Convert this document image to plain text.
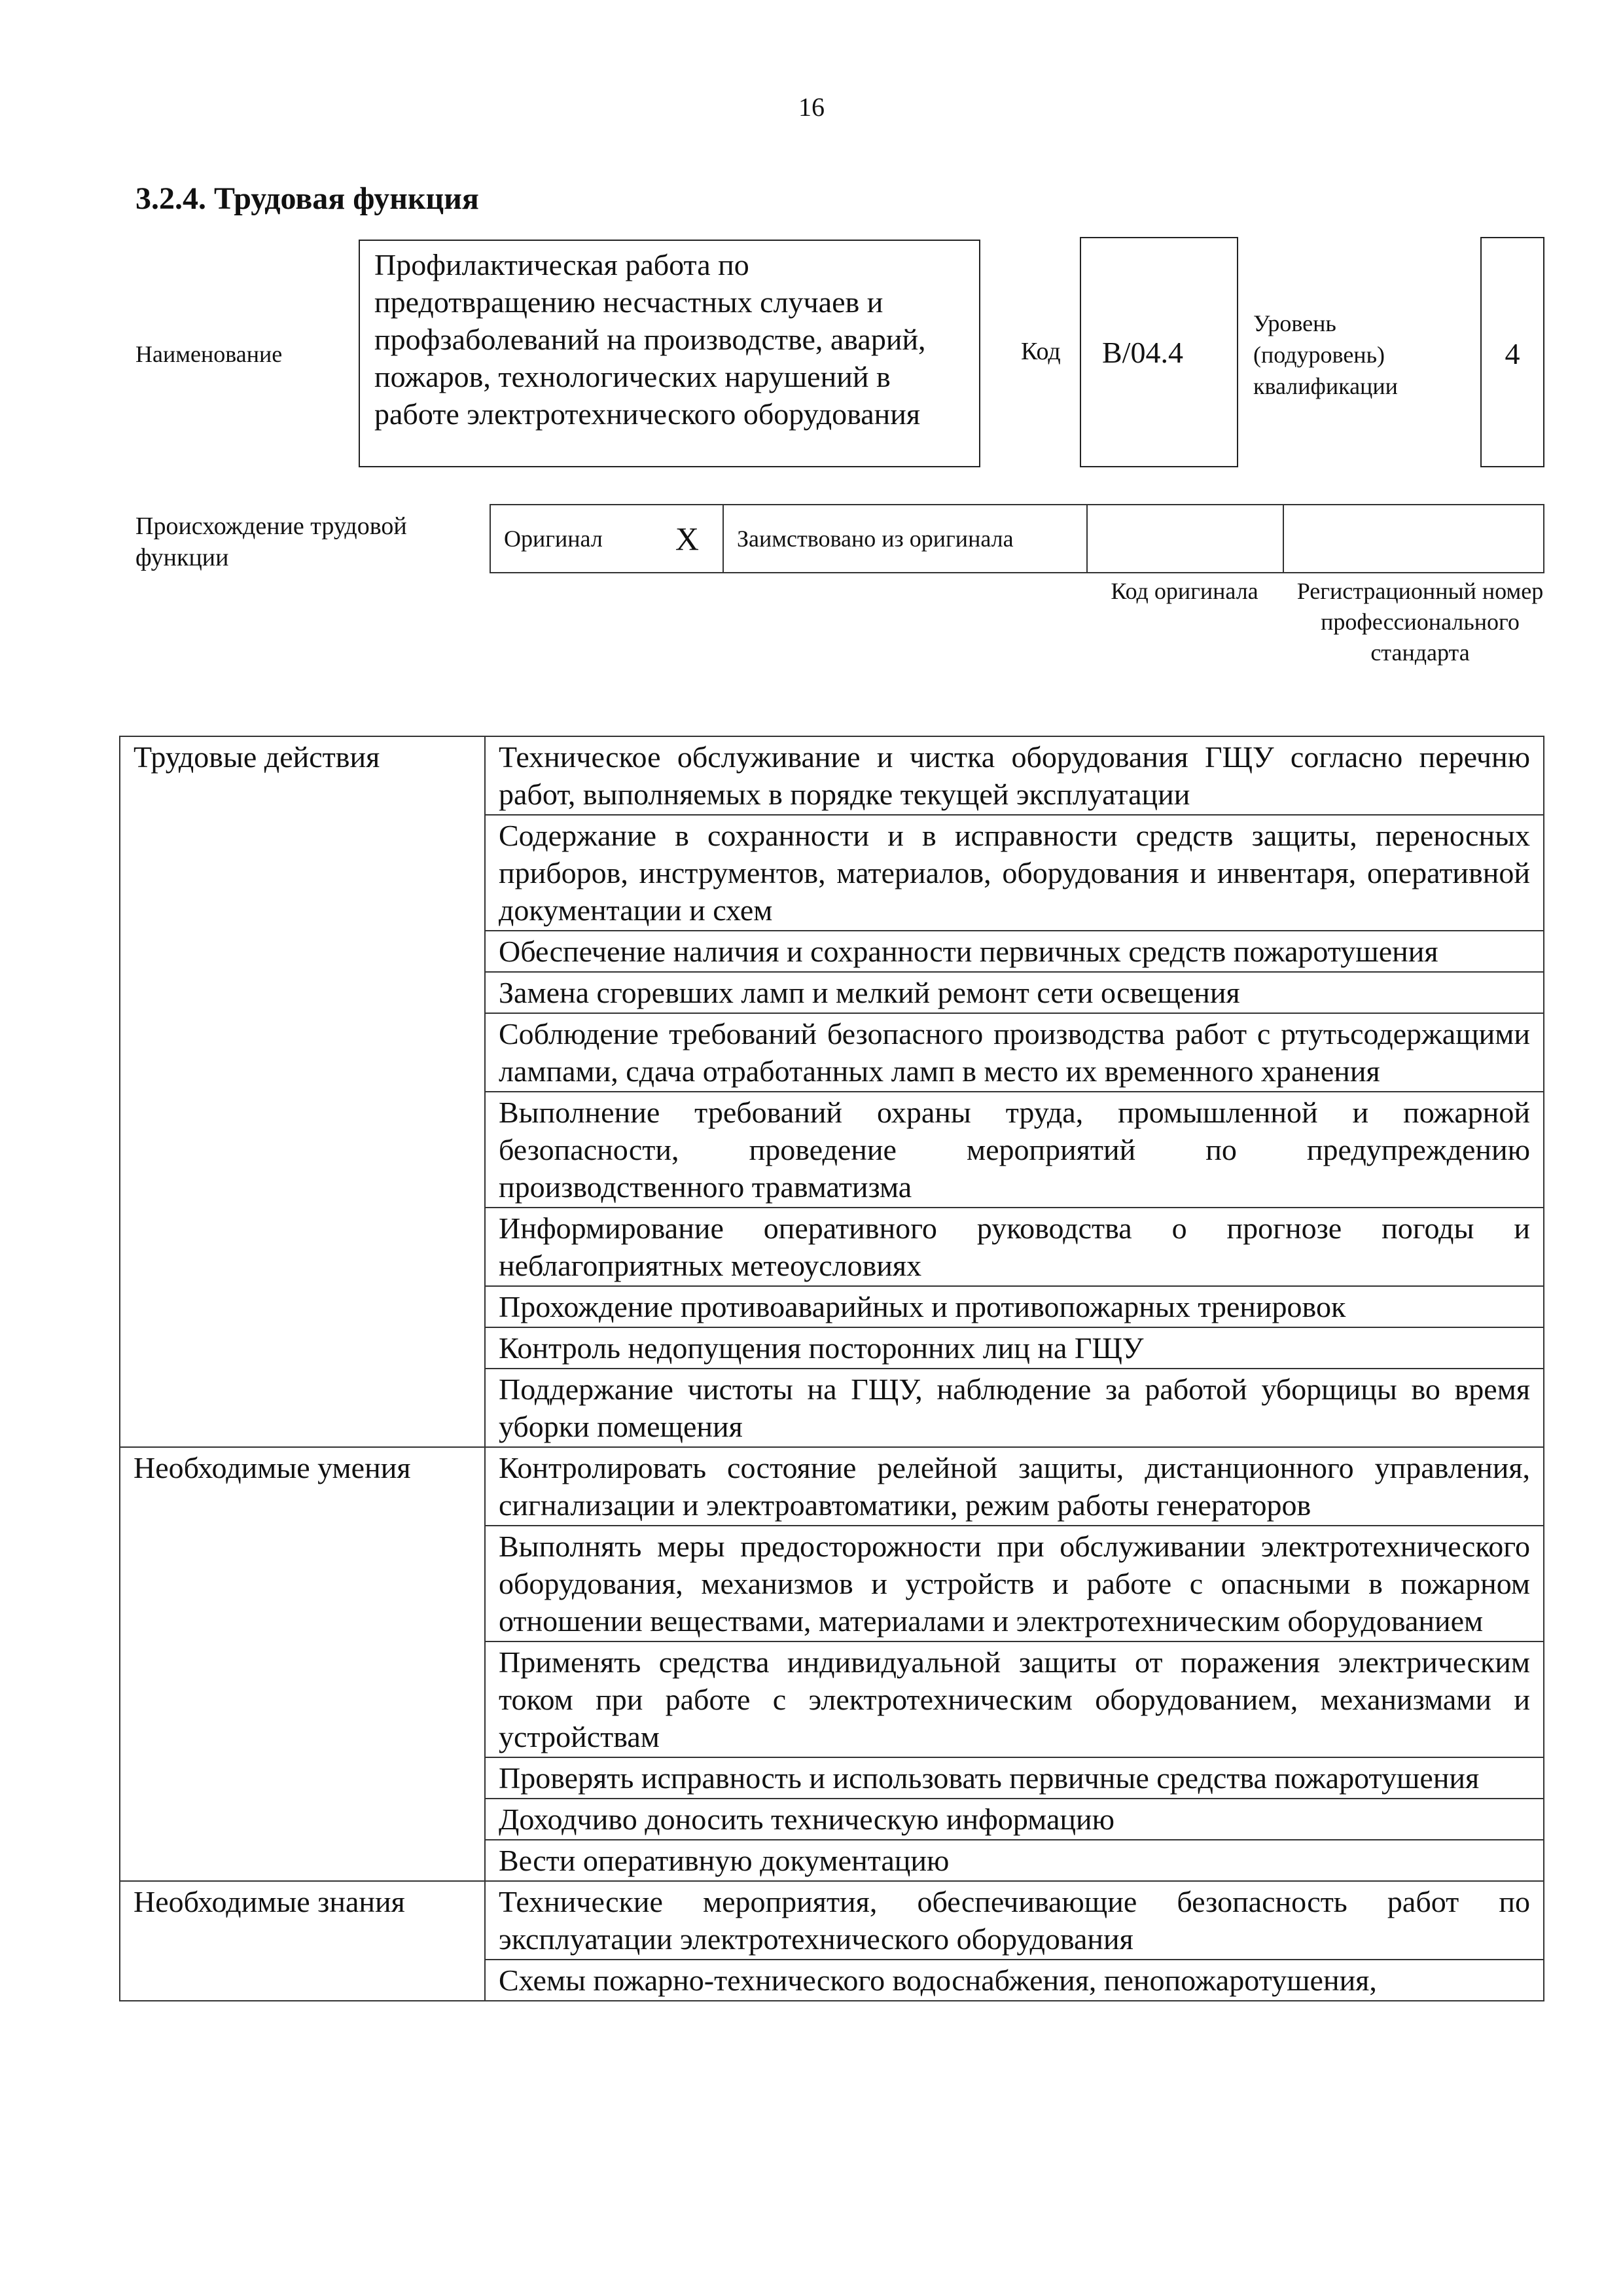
16
3.2.4. Трудовая функция
Наименование
Профилактическая работа по предотвращению несчастных случаев и профзаболеваний на производстве, аварий, пожаров, технологических нарушений в работе электротехнического оборудования
Код	B/04.4
Уровень (подуровень) квалификации
4
Происхождение трудовой функции
Оригинал X Заимствовано из оригинала
Код оригинала	Регистрационный номер профессионального стандарта
Трудовые действия	Техническое обслуживание и чистка оборудования ГЩУ согласно перечню работ, выполняемых в порядке текущей эксплуатации
	Содержание в сохранности и в исправности средств защиты, переносных приборов, инструментов, материалов, оборудования и инвентаря, оперативной документации и схем
	Обеспечение наличия и сохранности первичных средств пожаротушения
	Замена сгоревших ламп и мелкий ремонт сети освещения
	Соблюдение требований безопасного производства работ с ртутьсодержащими лампами, сдача отработанных ламп в место их временного хранения
	Выполнение требований охраны труда, промышленной и пожарной безопасности, проведение мероприятий по предупреждению производственного травматизма
	Информирование оперативного руководства о прогнозе погоды и неблагоприятных метеоусловиях
	Прохождение противоаварийных и противопожарных тренировок
	Контроль недопущения посторонних лиц на ГЩУ
	Поддержание чистоты на ГЩУ, наблюдение за работой уборщицы во время уборки помещения
Необходимые умения	Контролировать состояние релейной защиты, дистанционного управления, сигнализации и электроавтоматики, режим работы генераторов
	Выполнять меры предосторожности при обслуживании электротехнического оборудования, механизмов и устройств и работе с опасными в пожарном отношении веществами, материалами и электротехническим оборудованием
	Применять средства индивидуальной защиты от поражения электрическим током при работе с электротехническим оборудованием, механизмами и устройствам
	Проверять исправность и использовать первичные средства пожаротушения
	Доходчиво доносить техническую информацию
	Вести оперативную документацию
Необходимые знания	Технические мероприятия, обеспечивающие безопасность работ по эксплуатации электротехнического оборудования
	Схемы пожарно-технического водоснабжения, пенопожаротушения,
